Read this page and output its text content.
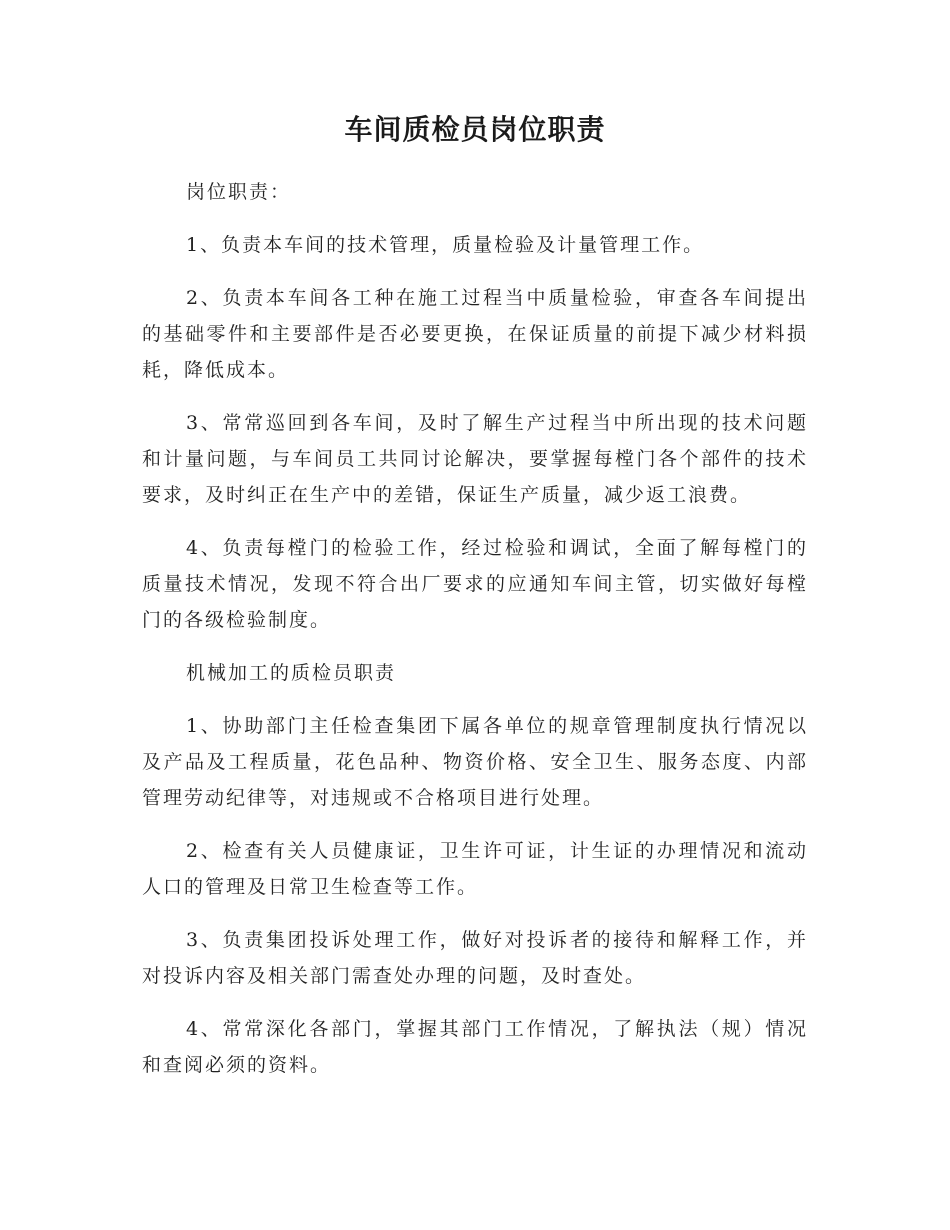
车间质检员岗位职责

岗位职责：

1、负责本车间的技术管理，质量检验及计量管理工作。

2、负责本车间各工种在施工过程当中质量检验，审查各车间提出的基础零件和主要部件是否必要更换，在保证质量的前提下减少材料损耗，降低成本。

3、常常巡回到各车间，及时了解生产过程当中所出现的技术问题和计量问题，与车间员工共同讨论解决，要掌握每樘门各个部件的技术要求，及时纠正在生产中的差错，保证生产质量，减少返工浪费。

4、负责每樘门的检验工作，经过检验和调试，全面了解每樘门的质量技术情况，发现不符合出厂要求的应通知车间主管，切实做好每樘门的各级检验制度。

机械加工的质检员职责

1、协助部门主任检查集团下属各单位的规章管理制度执行情况以及产品及工程质量，花色品种、物资价格、安全卫生、服务态度、内部管理劳动纪律等，对违规或不合格项目进行处理。

2、检查有关人员健康证，卫生许可证，计生证的办理情况和流动人口的管理及日常卫生检查等工作。

3、负责集团投诉处理工作，做好对投诉者的接待和解释工作，并对投诉内容及相关部门需查处办理的问题，及时查处。

4、常常深化各部门，掌握其部门工作情况，了解执法（规）情况和查阅必须的资料。
